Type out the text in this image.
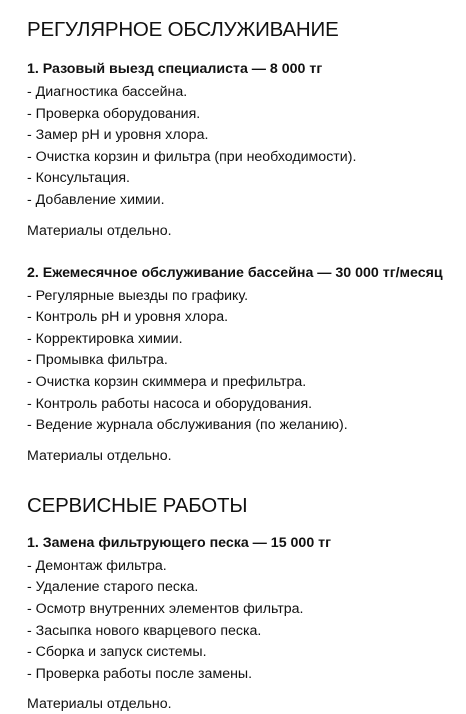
РЕГУЛЯРНОЕ ОБСЛУЖИВАНИЕ
1. Разовый выезд специалиста — 8 000 тг
- Диагностика бассейна.
- Проверка оборудования.
- Замер pH и уровня хлора.
- Очистка корзин и фильтра (при необходимости).
- Консультация.
- Добавление химии.

Материалы отдельно.

2. Ежемесячное обслуживание бассейна — 30 000 тг/месяц
- Регулярные выезды по графику.
- Контроль pH и уровня хлора.
- Корректировка химии.
- Промывка фильтра.
- Очистка корзин скиммера и префильтра.
- Контроль работы насоса и оборудования.
- Ведение журнала обслуживания (по желанию).

Материалы отдельно.

СЕРВИСНЫЕ РАБОТЫ
1. Замена фильтрующего песка — 15 000 тг
- Демонтаж фильтра.
- Удаление старого песка.
- Осмотр внутренних элементов фильтра.
- Засыпка нового кварцевого песка.
- Сборка и запуск системы.
- Проверка работы после замены.

Материалы отдельно.
